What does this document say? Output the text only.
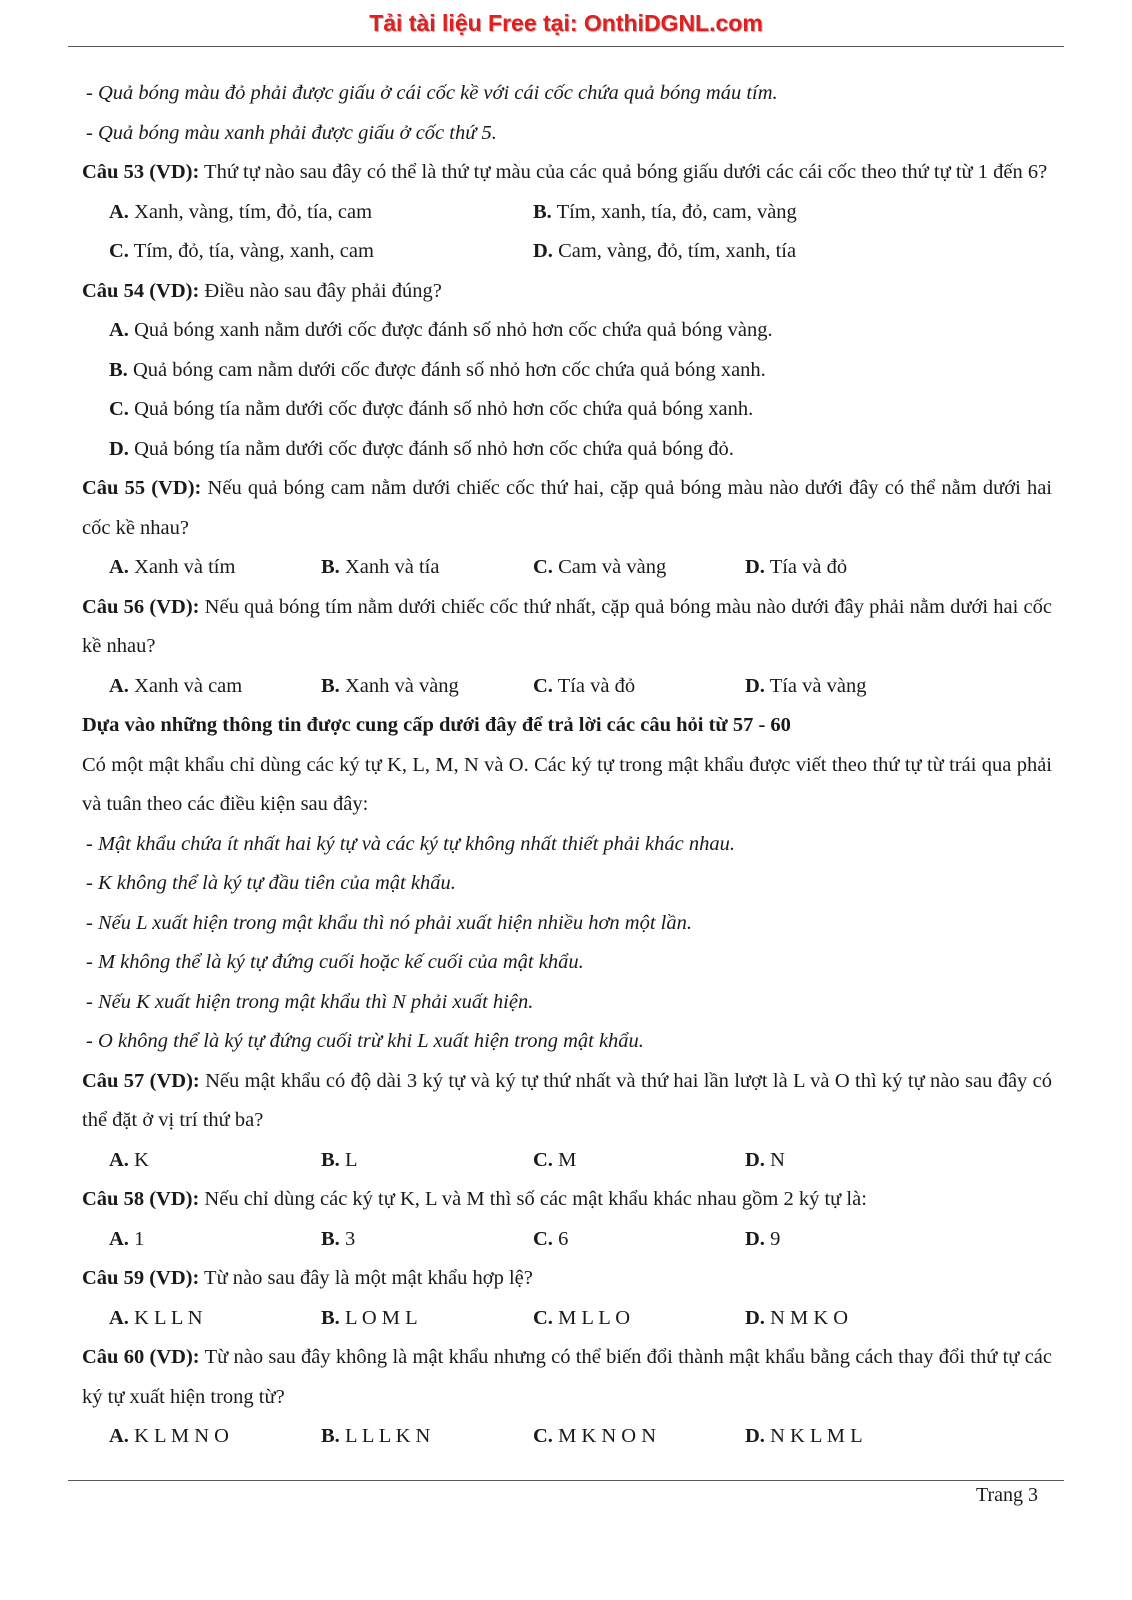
Tải tài liệu Free tại: OnthiDGNL.com
- Quả bóng màu đỏ phải được giấu ở cái cốc kề với cái cốc chứa quả bóng máu tím.
- Quả bóng màu xanh phải được giấu ở cốc thứ 5.
Câu 53 (VD): Thứ tự nào sau đây có thể là thứ tự màu của các quả bóng giấu dưới các cái cốc theo thứ tự từ 1 đến 6?
A. Xanh, vàng, tím, đỏ, tía, cam	B. Tím, xanh, tía, đỏ, cam, vàng
C. Tím, đỏ, tía, vàng, xanh, cam	D. Cam, vàng, đỏ, tím, xanh, tía
Câu 54 (VD): Điều nào sau đây phải đúng?
A. Quả bóng xanh nằm dưới cốc được đánh số nhỏ hơn cốc chứa quả bóng vàng.
B. Quả bóng cam nằm dưới cốc được đánh số nhỏ hơn cốc chứa quả bóng xanh.
C. Quả bóng tía nằm dưới cốc được đánh số nhỏ hơn cốc chứa quả bóng xanh.
D. Quả bóng tía nằm dưới cốc được đánh số nhỏ hơn cốc chứa quả bóng đỏ.
Câu 55 (VD): Nếu quả bóng cam nằm dưới chiếc cốc thứ hai, cặp quả bóng màu nào dưới đây có thể nằm dưới hai cốc kề nhau?
A. Xanh và tím	B. Xanh và tía	C. Cam và vàng	D. Tía và đỏ
Câu 56 (VD): Nếu quả bóng tím nằm dưới chiếc cốc thứ nhất, cặp quả bóng màu nào dưới đây phải nằm dưới hai cốc kề nhau?
A. Xanh và cam	B. Xanh và vàng	C. Tía và đỏ	D. Tía và vàng
Dựa vào những thông tin được cung cấp dưới đây để trả lời các câu hỏi từ 57 - 60
Có một mật khẩu chỉ dùng các ký tự K, L, M, N và O. Các ký tự trong mật khẩu được viết theo thứ tự từ trái qua phải và tuân theo các điều kiện sau đây:
- Mật khẩu chứa ít nhất hai ký tự và các ký tự không nhất thiết phải khác nhau.
- K không thể là ký tự đầu tiên của mật khẩu.
- Nếu L xuất hiện trong mật khẩu thì nó phải xuất hiện nhiều hơn một lần.
- M không thể là ký tự đứng cuối hoặc kế cuối của mật khẩu.
- Nếu K xuất hiện trong mật khẩu thì N phải xuất hiện.
- O không thể là ký tự đứng cuối trừ khi L xuất hiện trong mật khẩu.
Câu 57 (VD): Nếu mật khẩu có độ dài 3 ký tự và ký tự thứ nhất và thứ hai lần lượt là L và O thì ký tự nào sau đây có thể đặt ở vị trí thứ ba?
A. K	B. L	C. M	D. N
Câu 58 (VD): Nếu chỉ dùng các ký tự K, L và M thì số các mật khẩu khác nhau gồm 2 ký tự là:
A. 1	B. 3	C. 6	D. 9
Câu 59 (VD): Từ nào sau đây là một mật khẩu hợp lệ?
A. K L L N	B. L O M L	C. M L L O	D. N M K O
Câu 60 (VD): Từ nào sau đây không là mật khẩu nhưng có thể biến đổi thành mật khẩu bằng cách thay đổi thứ tự các ký tự xuất hiện trong từ?
A. K L M N O	B. L L L K N	C. M K N O N	D. N K L M L
Trang 3
